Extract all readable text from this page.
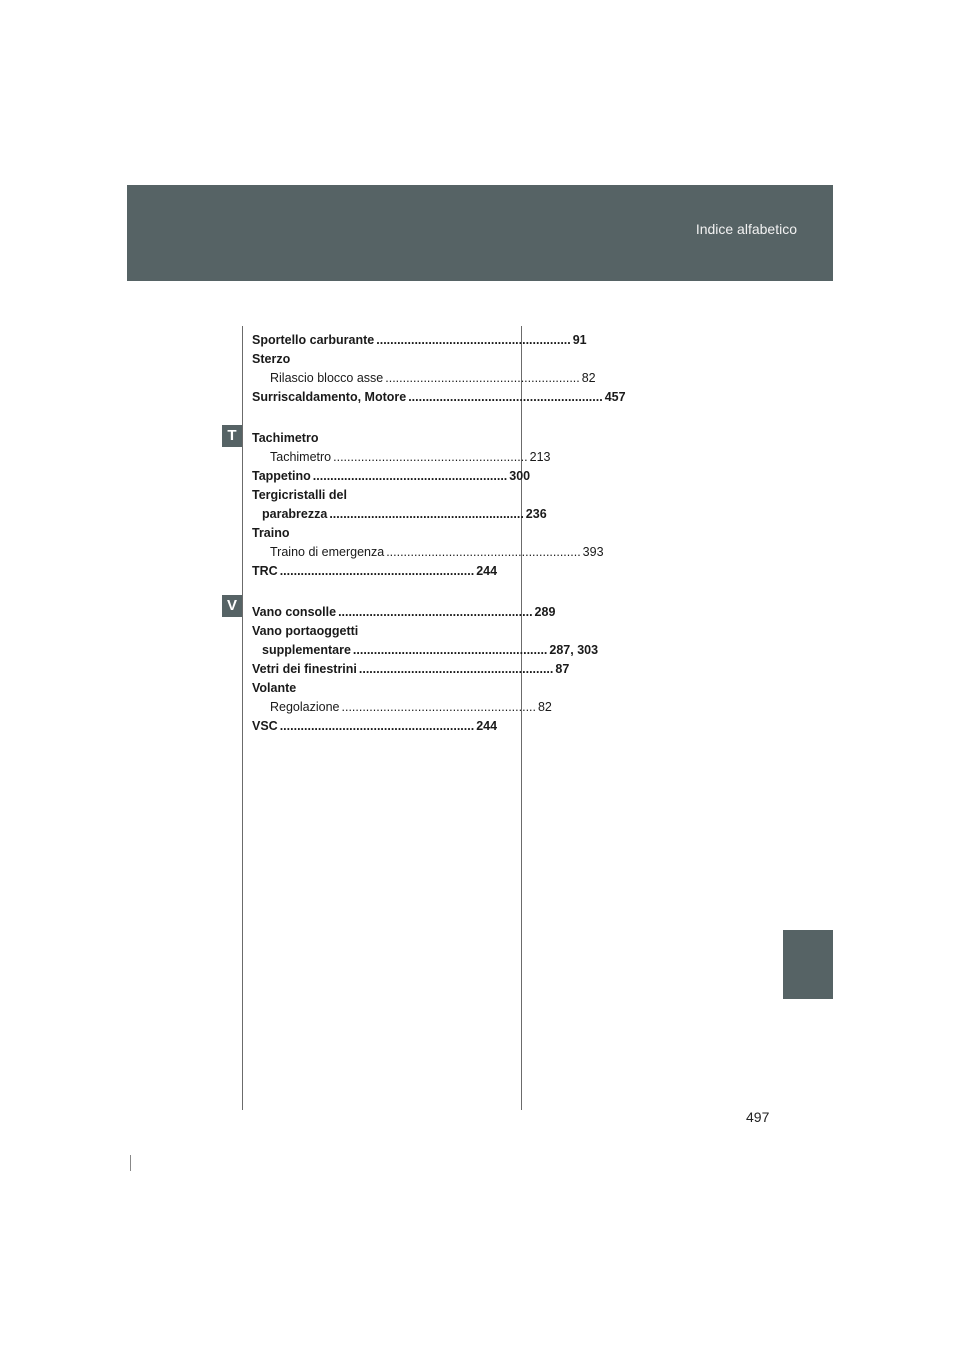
Indice alfabetico
T
V
Sportello carburante ........................................................ 91
Sterzo
Rilascio blocco asse ........................................................ 82
Surriscaldamento, Motore ........................................................ 457
Tachimetro
Tachimetro ........................................................ 213
Tappetino ........................................................ 300
Tergicristalli del
parabrezza ........................................................ 236
Traino
Traino di emergenza ........................................................ 393
TRC ........................................................ 244
Vano consolle ........................................................ 289
Vano portaoggetti
supplementare ........................................................ 287, 303
Vetri dei finestrini ........................................................ 87
Volante
Regolazione ........................................................ 82
VSC ........................................................ 244
497
